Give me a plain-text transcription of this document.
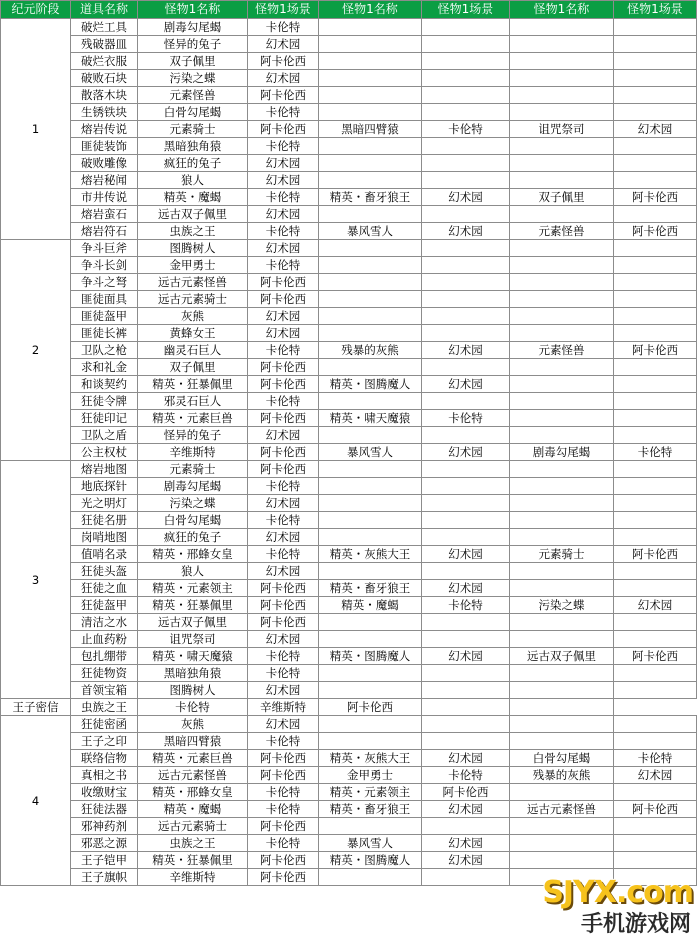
纪元阶段	道具名称	怪物1名称	怪物1场景	怪物1名称	怪物1场景	怪物1名称	怪物1场景
1	破烂工具	剧毒勾尾蝎	卡伦特				
	残破器皿	怪异的兔子	幻术园				
	破烂衣服	双子佩里	阿卡伦西				
	破败石块	污染之蝶	幻术园				
	散落木块	元素怪兽	阿卡伦西				
	生锈铁块	白骨勾尾蝎	卡伦特				
	熔岩传说	元素骑士	阿卡伦西	黑暗四臂猿	卡伦特	诅咒祭司	幻术园
	匪徒装饰	黑暗独角猿	卡伦特				
	破败雕像	疯狂的兔子	幻术园				
	熔岩秘闻	狼人	幻术园				
	市井传说	精英・魔蝎	卡伦特	精英・畜牙狼王	幻术园	双子佩里	阿卡伦西
	熔岩蛮石	远古双子佩里	幻术园				
	熔岩符石	虫族之王	卡伦特	暴风雪人	幻术园	元素怪兽	阿卡伦西
2	争斗巨斧	图腾树人	幻术园				
	争斗长剑	金甲勇士	卡伦特				
	争斗之弩	远古元素怪兽	阿卡伦西				
	匪徒面具	远古元素骑士	阿卡伦西				
	匪徒盔甲	灰熊	幻术园				
	匪徒长裤	黄蜂女王	幻术园				
	卫队之枪	幽灵石巨人	卡伦特	残暴的灰熊	幻术园	元素怪兽	阿卡伦西
	求和礼金	双子佩里	阿卡伦西				
	和谈契约	精英・狂暴佩里	阿卡伦西	精英・图腾魔人	幻术园		
	狂徒令牌	邪灵石巨人	卡伦特				
	狂徒印记	精英・元素巨兽	阿卡伦西	精英・啸天魔猿	卡伦特		
	卫队之盾	怪异的兔子	幻术园				
	公主权杖	辛维斯特	阿卡伦西	暴风雪人	幻术园	剧毒勾尾蝎	卡伦特
3	熔岩地图	元素骑士	阿卡伦西				
	地底探针	剧毒勾尾蝎	卡伦特				
	光之明灯	污染之蝶	幻术园				
	狂徒名册	白骨勾尾蝎	卡伦特				
	岗哨地图	疯狂的兔子	幻术园				
	值哨名录	精英・邢蜂女皇	卡伦特	精英・灰熊大王	幻术园	元素骑士	阿卡伦西
	狂徒头盔	狼人	幻术园				
	狂徒之血	精英・元素领主	阿卡伦西	精英・畜牙狼王	幻术园		
	狂徒盔甲	精英・狂暴佩里	阿卡伦西	精英・魔蝎	卡伦特	污染之蝶	幻术园
	清洁之水	远古双子佩里	阿卡伦西				
	止血药粉	诅咒祭司	幻术园				
	包扎绷带	精英・啸天魔猿	卡伦特	精英・图腾魔人	幻术园	远古双子佩里	阿卡伦西
	狂徒物资	黑暗独角猿	卡伦特				
	首领宝箱	图腾树人	幻术园				
王子密信	虫族之王	卡伦特	辛维斯特	阿卡伦西			
4	狂徒密函	灰熊	幻术园				
	王子之印	黑暗四臂猿	卡伦特				
	联络信物	精英・元素巨兽	阿卡伦西	精英・灰熊大王	幻术园	白骨勾尾蝎	卡伦特
	真相之书	远古元素怪兽	阿卡伦西	金甲勇士	卡伦特	残暴的灰熊	幻术园
	收缴财宝	精英・邢蜂女皇	卡伦特	精英・元素领主	阿卡伦西		
	狂徒法器	精英・魔蝎	卡伦特	精英・畜牙狼王	幻术园	远古元素怪兽	阿卡伦西
	邪神药剂	远古元素骑士	阿卡伦西				
	邪恶之源	虫族之王	卡伦特	暴风雪人	幻术园		
	王子铠甲	精英・狂暴佩里	阿卡伦西	精英・图腾魔人	幻术园		
	王子旗帜	辛维斯特	阿卡伦西					SJYX.com
手机游戏网
